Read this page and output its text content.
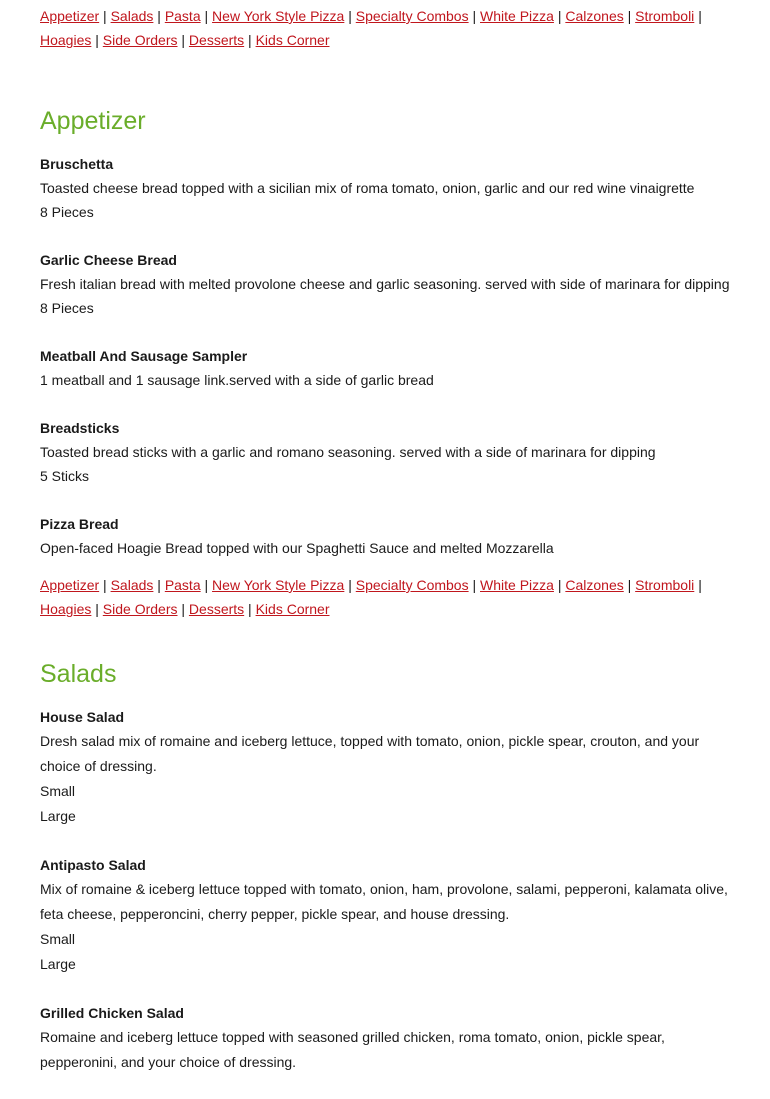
Appetizer | Salads | Pasta | New York Style Pizza | Specialty Combos | White Pizza | Calzones | Stromboli |
Hoagies | Side Orders | Desserts | Kids Corner
Appetizer
Bruschetta
Toasted cheese bread topped with a sicilian mix of roma tomato, onion, garlic and our red wine vinaigrette
8 Pieces
Garlic Cheese Bread
Fresh italian bread with melted provolone cheese and garlic seasoning. served with side of marinara for dipping
8 Pieces
Meatball And Sausage Sampler
1 meatball and 1 sausage link.served with a side of garlic bread
Breadsticks
Toasted bread sticks with a garlic and romano seasoning. served with a side of marinara for dipping
5 Sticks
Pizza Bread
Open-faced Hoagie Bread topped with our Spaghetti Sauce and melted Mozzarella
Appetizer | Salads | Pasta | New York Style Pizza | Specialty Combos | White Pizza | Calzones | Stromboli |
Hoagies | Side Orders | Desserts | Kids Corner
Salads
House Salad
Dresh salad mix of romaine and iceberg lettuce, topped with tomato, onion, pickle spear, crouton, and your choice of dressing.
Small
Large
Antipasto Salad
Mix of romaine & iceberg lettuce topped with tomato, onion, ham, provolone, salami, pepperoni, kalamata olive, feta cheese, pepperoncini, cherry pepper, pickle spear, and house dressing.
Small
Large
Grilled Chicken Salad
Romaine and iceberg lettuce topped with seasoned grilled chicken, roma tomato, onion, pickle spear, pepperonini, and your choice of dressing.
